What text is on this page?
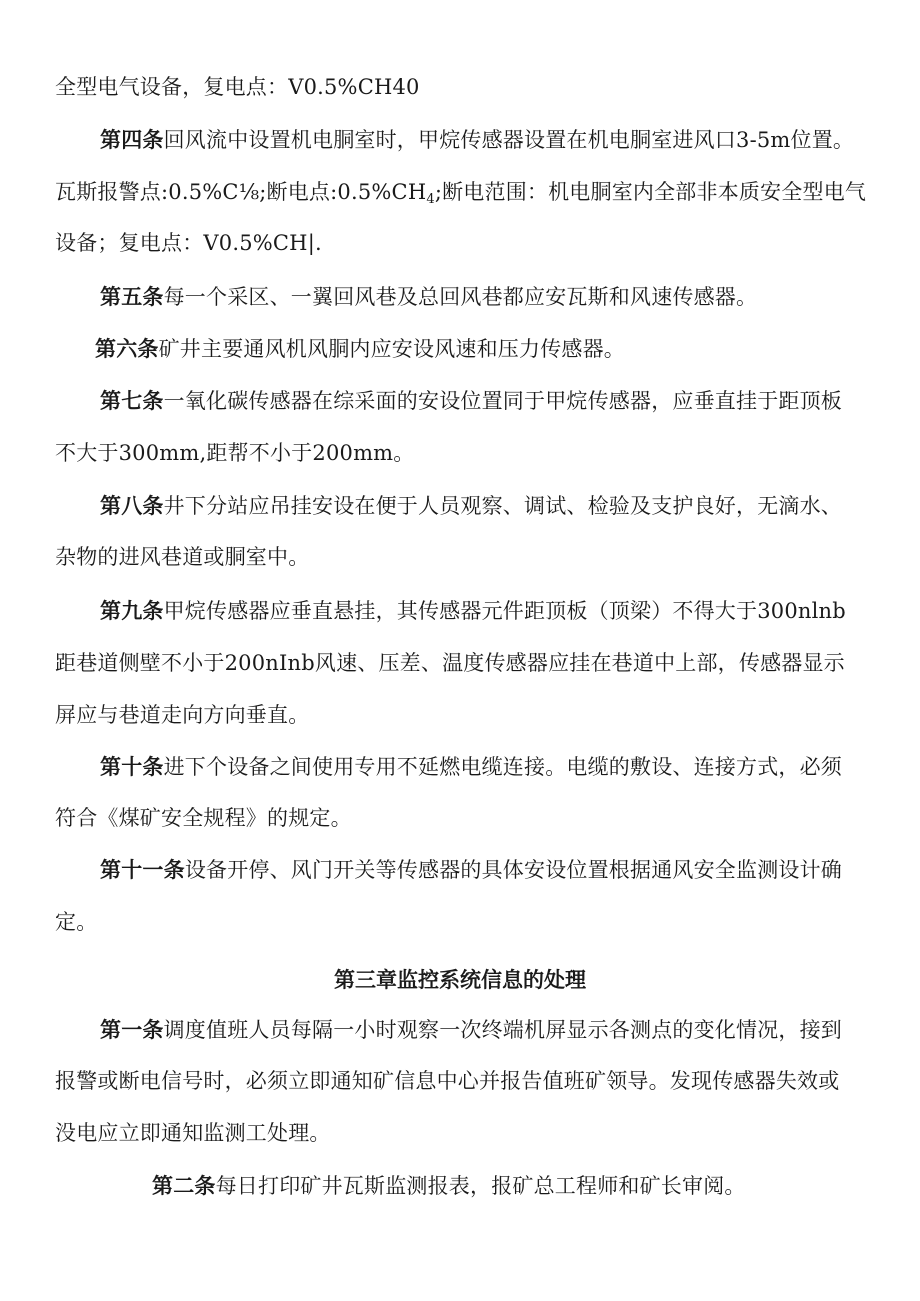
全型电气设备，复电点：V0.5%CH40
第四条回风流中设置机电胴室时，甲烷传感器设置在机电胴室进风口3-5m位置。
瓦斯报警点:0.5%C⅛;断电点$:0.5\%CH_4$;断电范围：机电胴室内全部非本质安全型电气
设备；复电点：V0.5%CH|.
第五条每一个采区、一翼回风巷及总回风巷都应安瓦斯和风速传感器。
第六条矿井主要通风机风胴内应安设风速和压力传感器。
第七条一氧化碳传感器在综采面的安设位置同于甲烷传感器，应垂直挂于距顶板
不大于300mm,距帮不小于200mm。
第八条井下分站应吊挂安设在便于人员观察、调试、检验及支护良好，无滴水、
杂物的进风巷道或胴室中。
第九条甲烷传感器应垂直悬挂，其传感器元件距顶板（顶梁）不得大于300nlnb
距巷道侧壁不小于200nInb风速、压差、温度传感器应挂在巷道中上部，传感器显示
屏应与巷道走向方向垂直。
第十条进下个设备之间使用专用不延燃电缆连接。电缆的敷设、连接方式，必须
符合《煤矿安全规程》的规定。
第十一条设备开停、风门开关等传感器的具体安设位置根据通风安全监测设计确
定。
第三章监控系统信息的处理
第一条调度值班人员每隔一小时观察一次终端机屏显示各测点的变化情况，接到
报警或断电信号时，必须立即通知矿信息中心并报告值班矿领导。发现传感器失效或
没电应立即通知监测工处理。
第二条每日打印矿井瓦斯监测报表，报矿总工程师和矿长审阅。
